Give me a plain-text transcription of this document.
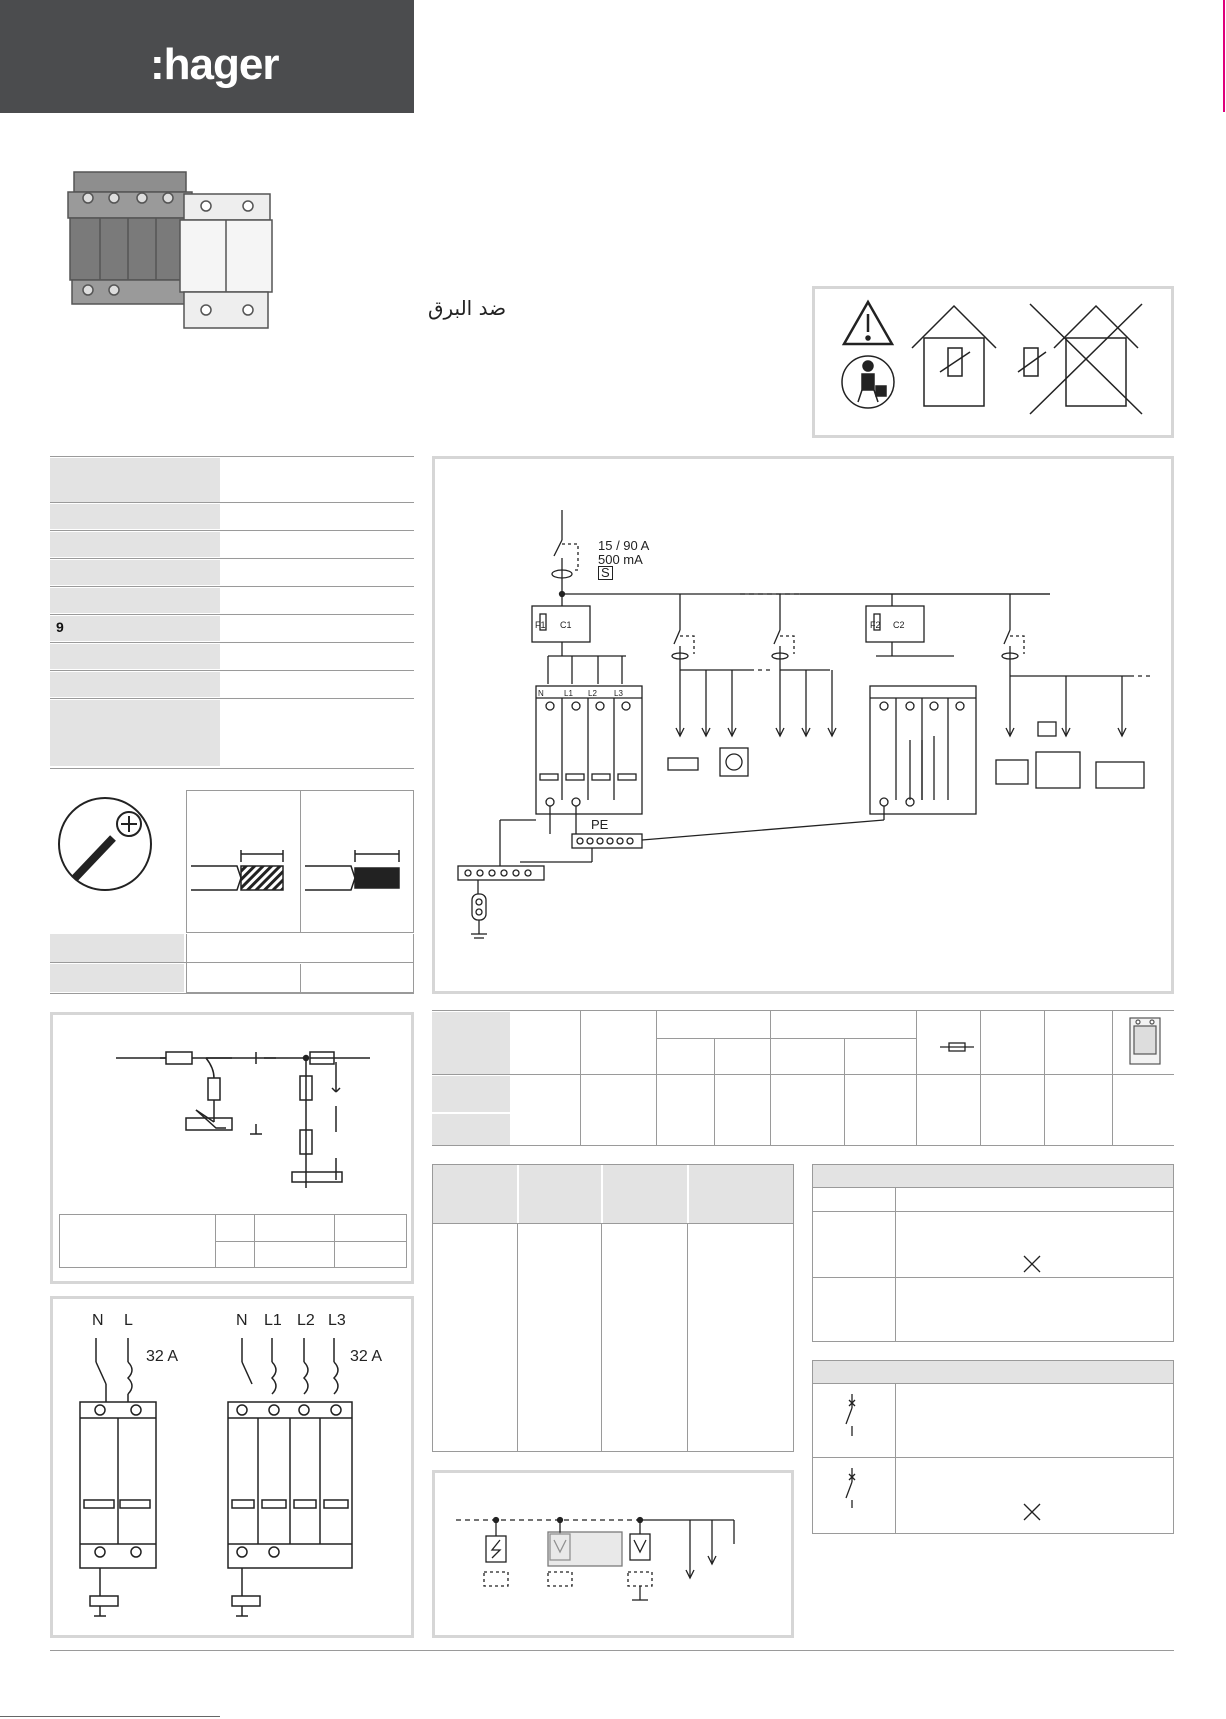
:hager
ضد البرق
9
N L
32 A
N L1 L2 L3
32 A
15 / 90 A
500 mA
S
F1 C1	F2 C2
PE
N	L1 L2 L3
